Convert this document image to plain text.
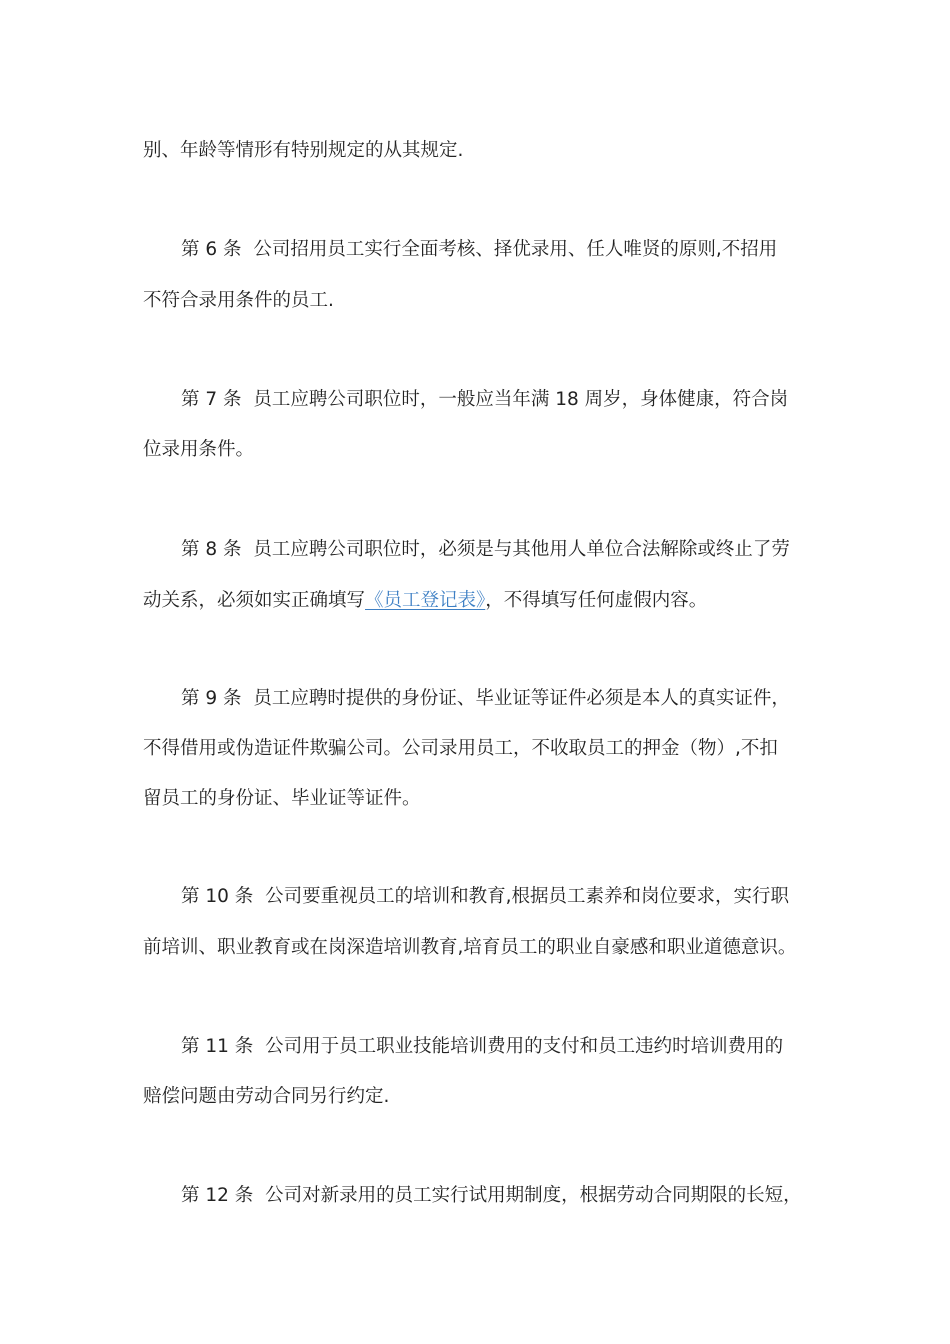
别、年龄等情形有特别规定的从其规定.
第 6 条 公司招用员工实行全面考核、择优录用、任人唯贤的原则,不招用
不符合录用条件的员工.
第 7 条 员工应聘公司职位时，一般应当年满 18 周岁，身体健康，符合岗
位录用条件。
第 8 条 员工应聘公司职位时，必须是与其他用人单位合法解除或终止了劳
动关系，必须如实正确填写《员工登记表》，不得填写任何虚假内容。
第 9 条 员工应聘时提供的身份证、毕业证等证件必须是本人的真实证件，
不得借用或伪造证件欺骗公司。公司录用员工，不收取员工的押金（物）,不扣
留员工的身份证、毕业证等证件。
第 10 条 公司要重视员工的培训和教育,根据员工素养和岗位要求，实行职
前培训、职业教育或在岗深造培训教育,培育员工的职业自豪感和职业道德意识。
第 11 条 公司用于员工职业技能培训费用的支付和员工违约时培训费用的
赔偿问题由劳动合同另行约定.
第 12 条 公司对新录用的员工实行试用期制度，根据劳动合同期限的长短，
